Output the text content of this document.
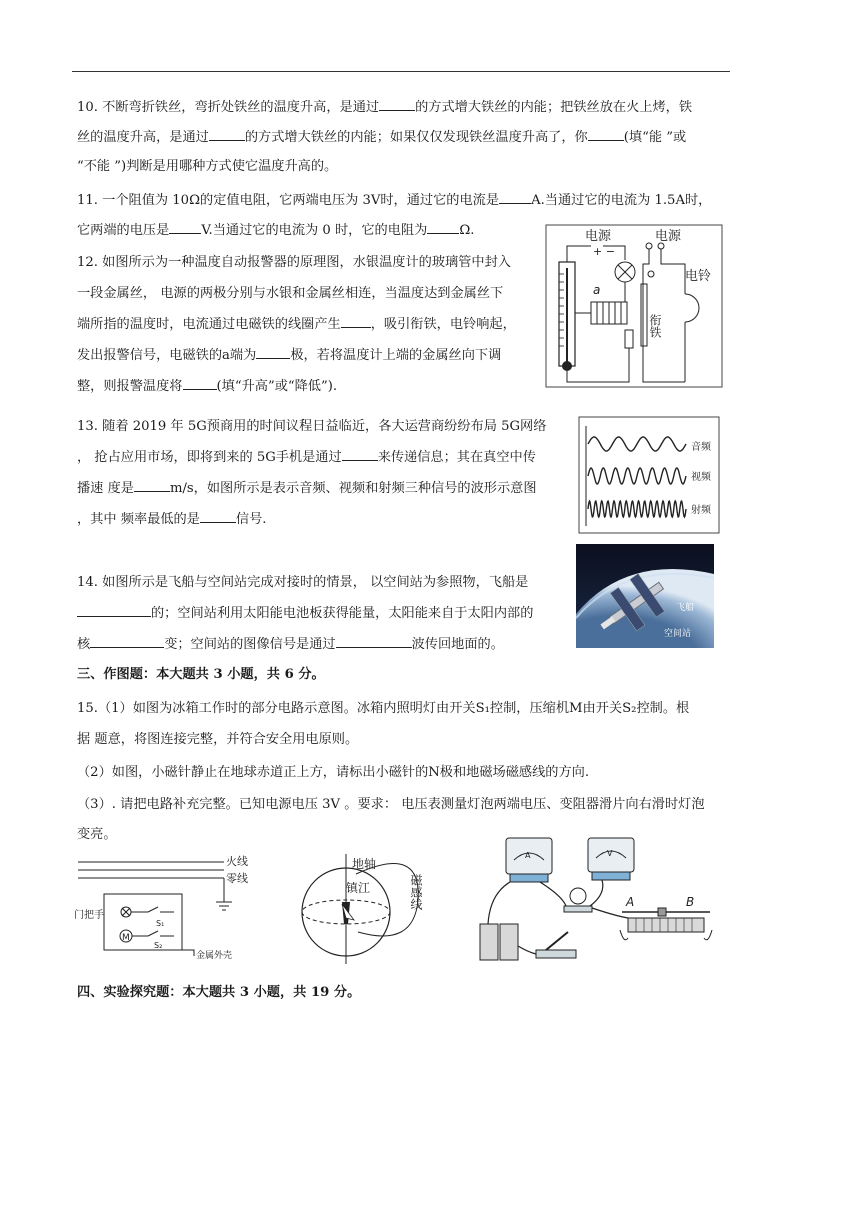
10. 不断弯折铁丝，弯折处铁丝的温度升高，是通过	的方式增大铁丝的内能；把铁丝放在火上烤，铁
丝的温度升高，是通过	的方式增大铁丝的内能；如果仅仅发现铁丝温度升高了，你	(填“能 ”或
“不能 ”)判断是用哪种方式使它温度升高的。
11. 一个阻值为 10Ω的定值电阻，它两端电压为 3V时，通过它的电流是 A.当通过它的电流为 1.5A时，
它两端的电压是 V.当通过它的电流为 0 时，它的电阻为 Ω.
12. 如图所示为一种温度自动报警器的原理图，水银温度计的玻璃管中封入
一段金属丝， 电源的两极分别与水银和金属丝相连，当温度达到金属丝下
端所指的温度时，电流通过电磁铁的线圈产生 ，吸引衔铁，电铃响起，
发出报警信号，电磁铁的a端为	极，若将温度计上端的金属丝向下调
整，则报警温度将	(填“升高”或“降低”).
电源	电源
+ −
电铃
a
衔铁
13. 随着 2019 年 5G预商用的时间议程日益临近，各大运营商纷纷布局 5G网络
， 抢占应用市场，即将到来的 5G手机是通过	来传递信息；其在真空中传
播速 度是	m/s，如图所示是表示音频、视频和射频三种信号的波形示意图
，其中 频率最低的是	信号.
音频
视频
射频
14. 如图所示是飞船与空间站完成对接时的情景， 以空间站为参照物，飞船是
的；空间站利用太阳能电池板获得能量，太阳能来自于太阳内部的
核	变；空间站的图像信号是通过	波传回地面的。
飞船
空间站
三、作图题：本大题共 3 小题，共 6 分。
15.（1）如图为冰箱工作时的部分电路示意图。冰箱内照明灯由开关S₁控制，压缩机M由开关S₂控制。根
据 题意，将图连接完整，并符合安全用电原则。
（2）如图，小磁针静止在地球赤道正上方，请标出小磁针的N极和地磁场磁感线的方向.
（3）. 请把电路补充完整。已知电源电压 3V 。要求： 电压表测量灯泡两端电压、变阻器滑片向右滑时灯泡
变亮。
火线
零线
门把手
S₁
M
S₂
金属外壳
地轴
镇江	磁感线
A	V
A	B
四、实验探究题：本大题共 3 小题，共 19 分。
